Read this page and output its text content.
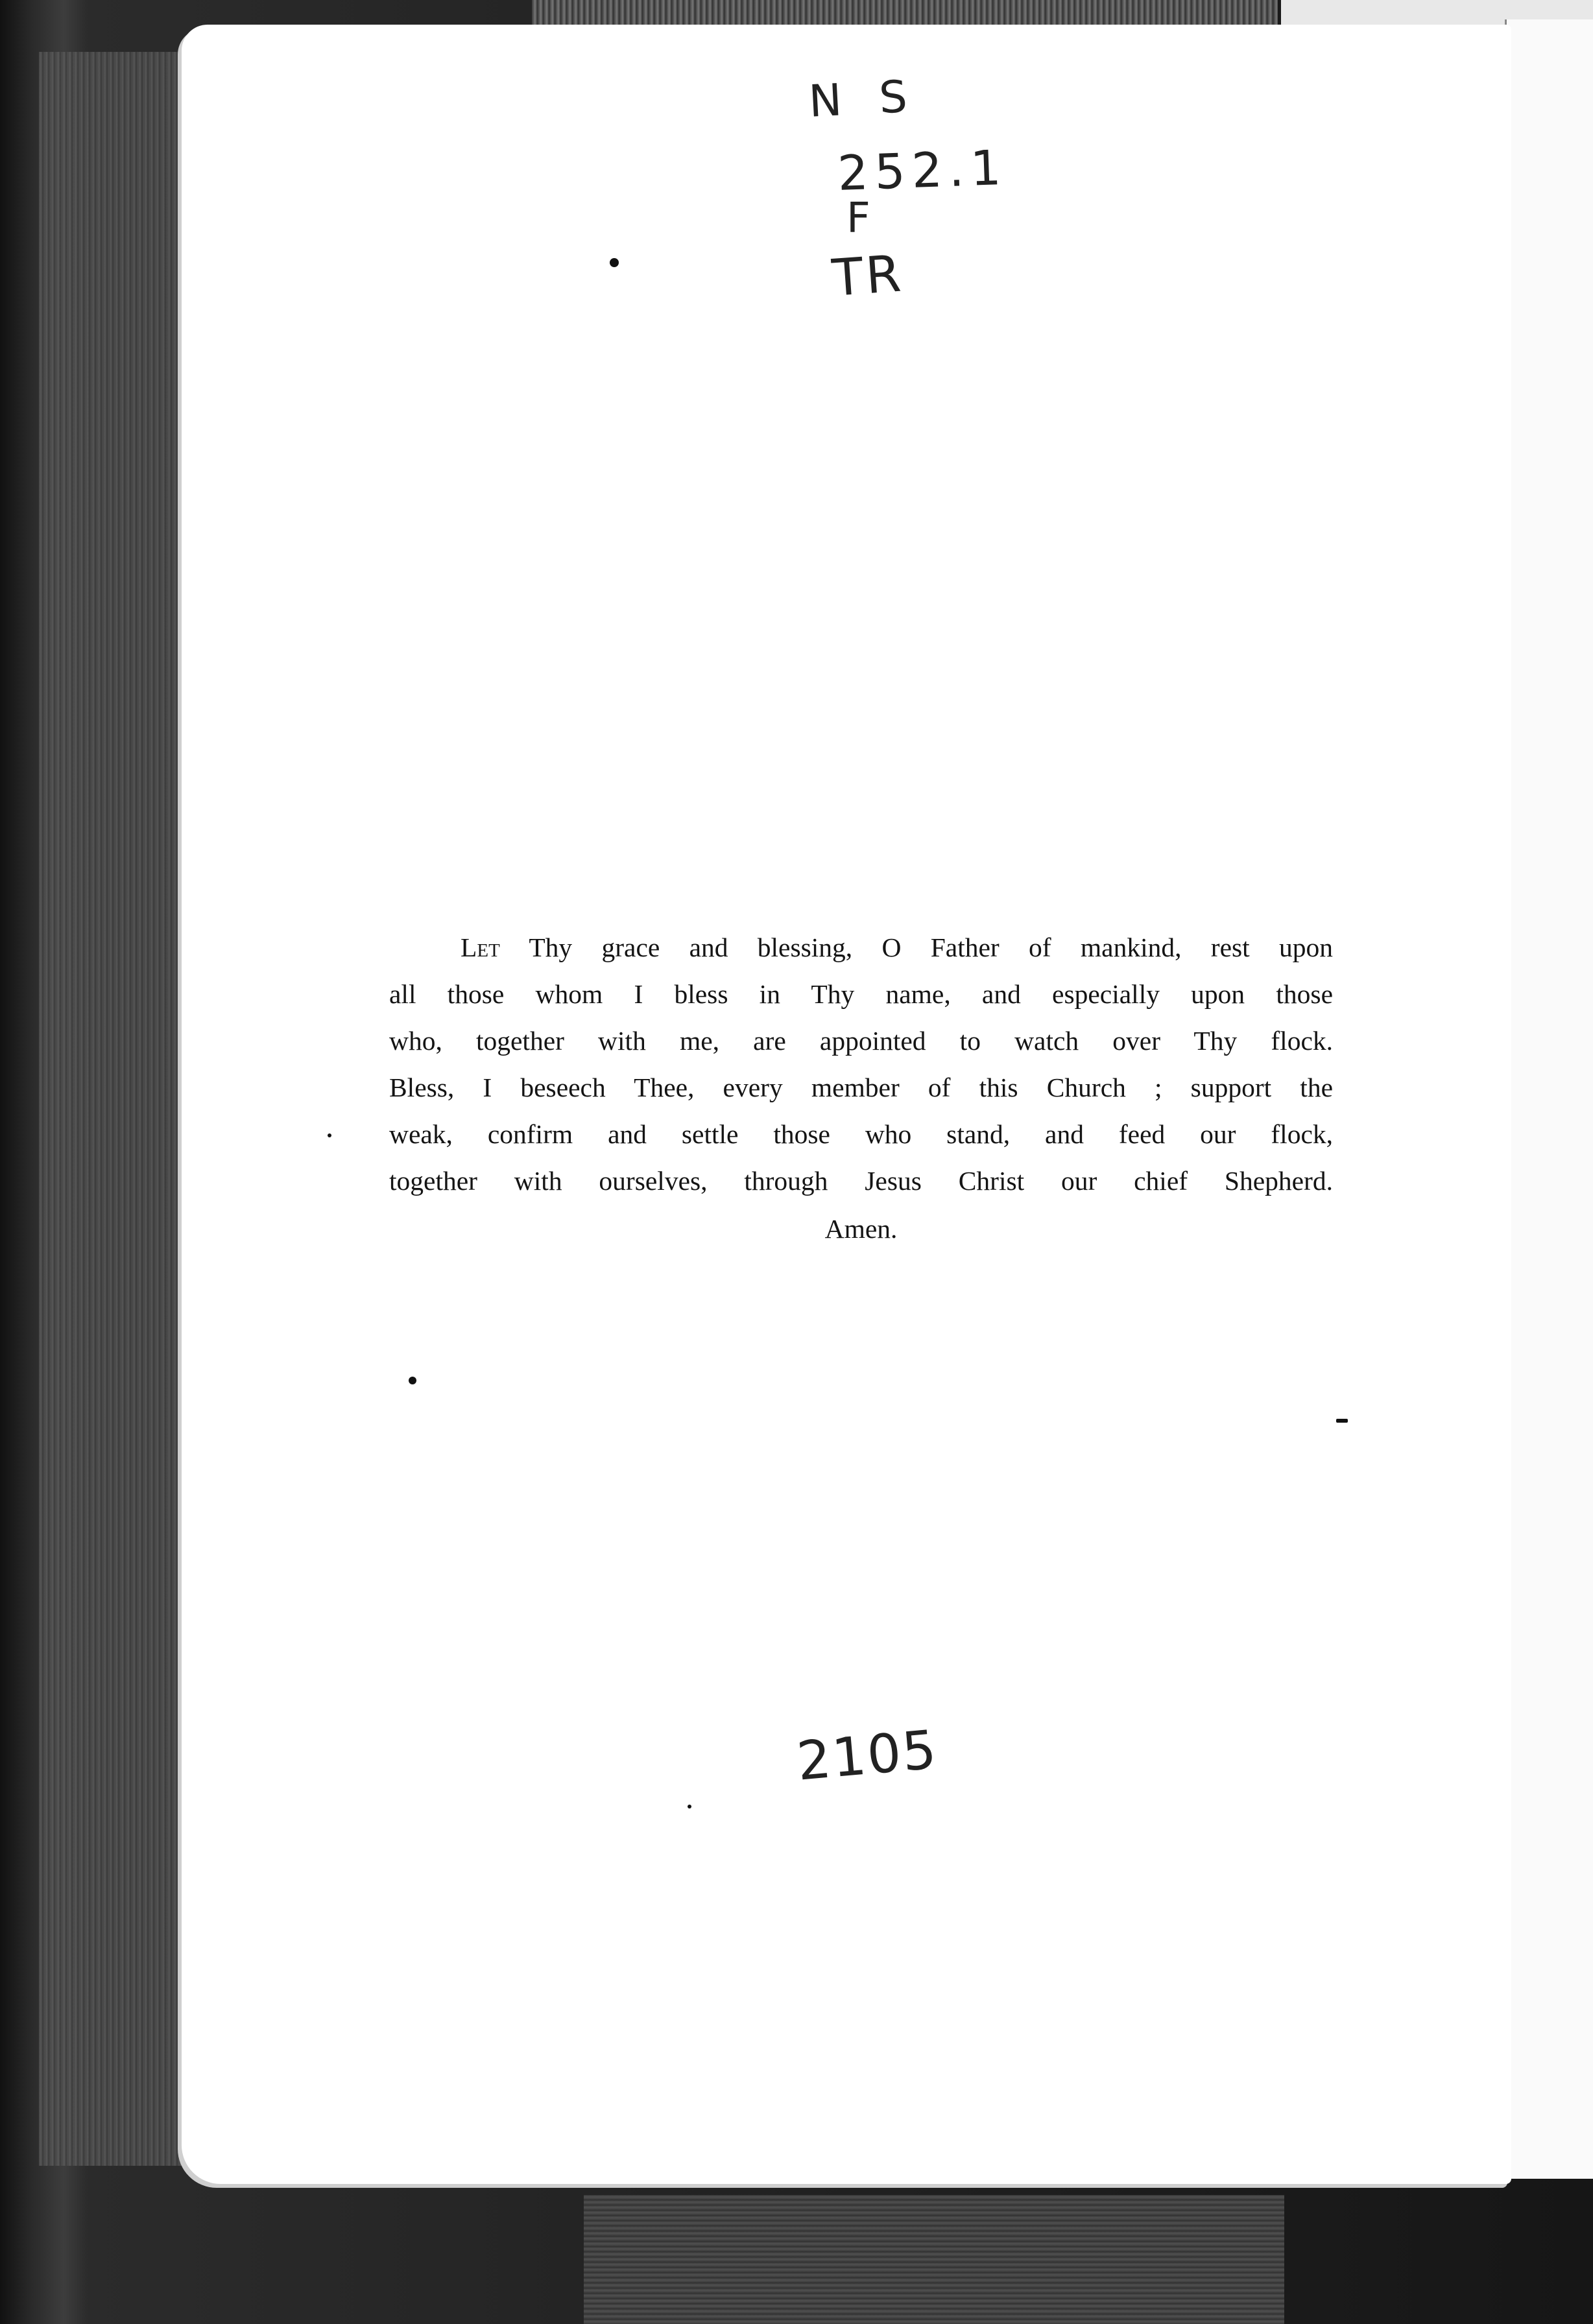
N S
252.1
F
TR
2105
Let Thy grace and blessing, O Father of mankind, rest upon
all those whom I bless in Thy name, and especially upon those
who, together with me, are appointed to watch over Thy flock.
Bless, I beseech Thee, every member of this Church ; support the
weak, confirm and settle those who stand, and feed our flock,
together with ourselves, through Jesus Christ our chief Shepherd.
Amen.
